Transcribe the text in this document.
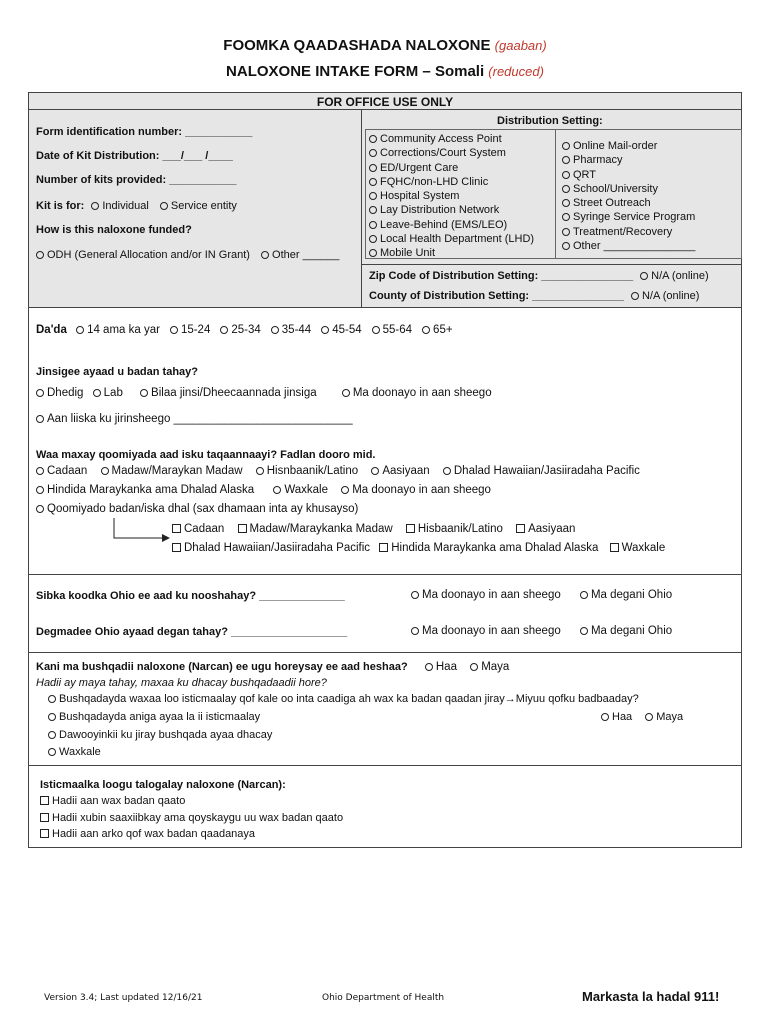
FOOMKA QAADASHADA NALOXONE (gaaban)
NALOXONE INTAKE FORM – Somali (reduced)
FOR OFFICE USE ONLY
Form identification number: ___________
Date of Kit Distribution: ___/___ /____
Number of kits provided: ___________
Kit is for: Individual Service entity
How is this naloxone funded?
ODH (General Allocation and/or IN Grant) Other ______
Distribution Setting:
Community Access Point
Corrections/Court System
ED/Urgent Care
FQHC/non-LHD Clinic
Hospital System
Lay Distribution Network
Leave-Behind (EMS/LEO)
Local Health Department (LHD)
Mobile Unit
Online Mail-order
Pharmacy
QRT
School/University
Street Outreach
Syringe Service Program
Treatment/Recovery
Other _______________
Zip Code of Distribution Setting: _______________ N/A (online)
County of Distribution Setting: _______________ N/A (online)
Da'da 14 ama ka yar 15-24 25-34 35-44 45-54 55-64 65+
Jinsigee ayaad u badan tahay?
Dhedig Lab Bilaa jinsi/Dheecaannada jinsiga	Ma doonayo in aan sheego
Aan liiska ku jirinsheego ____________________________
Waa maxay qoomiyada aad isku taqaannaayi? Fadlan dooro mid.
Cadaan Madaw/Maraykan Madaw Hisnbaanik/Latino Aasiyaan Dhalad Hawaiian/Jasiiradaha Pacific
Hindida Maraykanka ama Dhalad Alaska	Waxkale Ma doonayo in aan sheego
Qoomiyado badan/iska dhal (sax dhamaan inta ay khusayso)
Cadaan Madaw/Maraykanka Madaw Hisbaanik/Latino Aasiyaan
Dhalad Hawaiian/Jasiiradaha Pacific Hindida Maraykanka ama Dhalad Alaska Waxkale
Sibka koodka Ohio ee aad ku nooshahay? ______________	Ma doonayo in aan sheego	Ma degani Ohio
Degmadee Ohio ayaad degan tahay? ___________________	Ma doonayo in aan sheego	Ma degani Ohio
Kani ma bushqadii naloxone (Narcan) ee ugu horeysay ee aad heshaa? Haa Maya
Hadii ay maya tahay, maxaa ku dhacay bushqadaadii hore?
Bushqadayda waxaa loo isticmaalay qof kale oo inta caadiga ah wax ka badan qaadan jiray→Miyuu qofku badbaaday?
Bushqadayda aniga ayaa la ii isticmaalay	Haa Maya
Dawooyinkii ku jiray bushqada ayaa dhacay
Waxkale
Isticmaalka loogu talogalay naloxone (Narcan):
Hadii aan wax badan qaato
Hadii xubin saaxiibkay ama qoyskaygu uu wax badan qaato
Hadii aan arko qof wax badan qaadanaya
Version 3.4; Last updated 12/16/21	Ohio Department of Health	Markasta la hadal 911!
